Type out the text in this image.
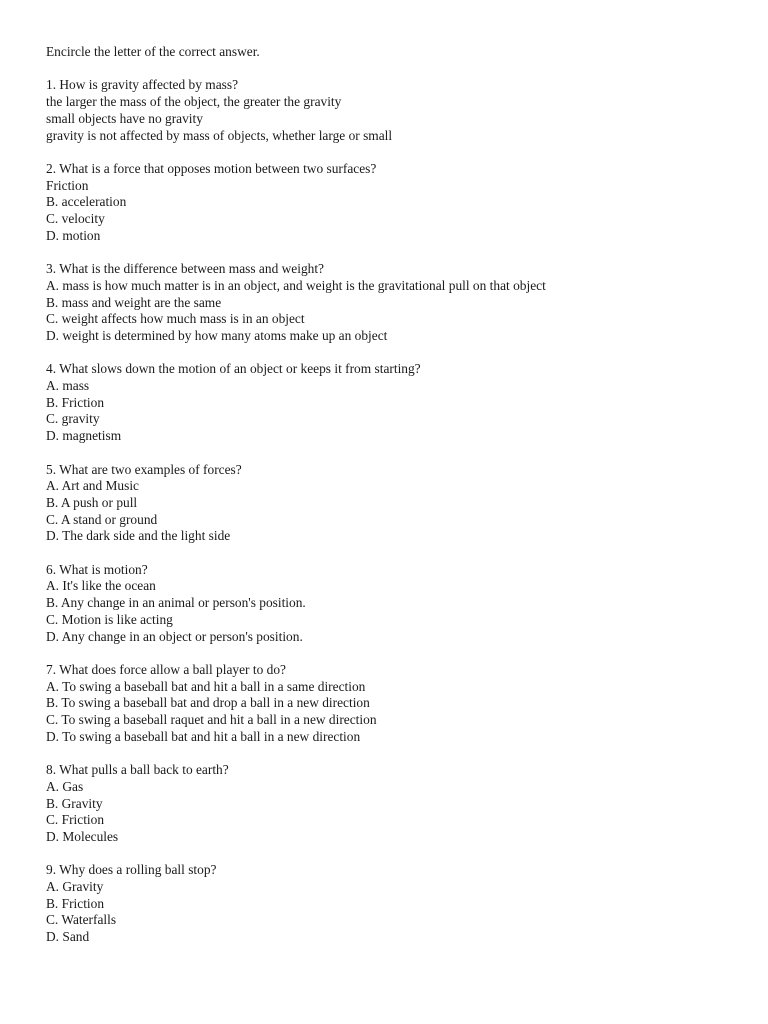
Encircle the letter of the correct answer.

1. How is gravity affected by mass?

the larger the mass of the object, the greater the gravity

small objects have no gravity

gravity is not affected by mass of objects, whether large or small

2. What is a force that opposes motion between two surfaces?

Friction

B. acceleration

C. velocity

D. motion

3. What is the difference between mass and weight?

A. mass is how much matter is in an object, and weight is the gravitational pull on that object

B. mass and weight are the same

C. weight affects how much mass is in an object

D. weight is determined by how many atoms make up an object

4. What slows down the motion of an object or keeps it from starting?

A. mass

B. Friction

C. gravity

D. magnetism

5. What are two examples of forces?

A. Art and Music

B. A push or pull

C. A stand or ground

D. The dark side and the light side

6. What is motion?

A. It's like the ocean

B. Any change in an animal or person's position.

C. Motion is like acting

D. Any change in an object or person's position.

7. What does force allow a ball player to do?

A. To swing a baseball bat and hit a ball in a same direction

B. To swing a baseball bat and drop a ball in a new direction

C. To swing a baseball raquet and hit a ball in a new direction

D. To swing a baseball bat and hit a ball in a new direction

8. What pulls a ball back to earth?

A. Gas

B. Gravity

C. Friction

D. Molecules

9. Why does a rolling ball stop?

A. Gravity

B. Friction

C. Waterfalls

D. Sand
